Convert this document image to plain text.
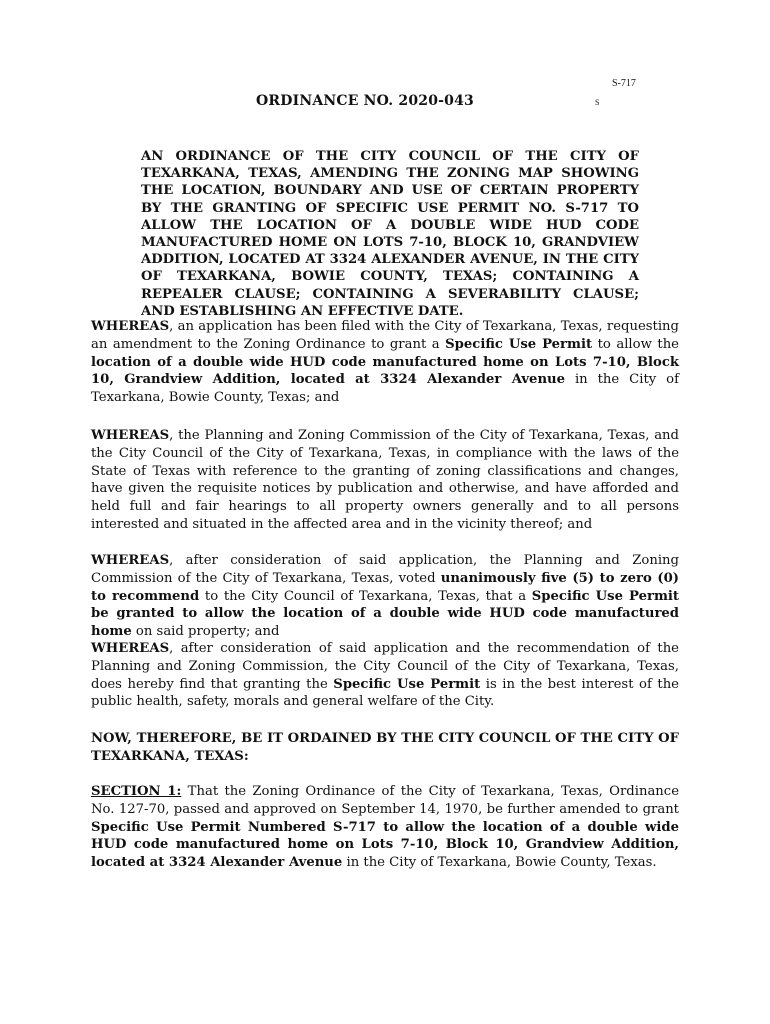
S-717
S
ORDINANCE NO. 2020-043
AN ORDINANCE OF THE CITY COUNCIL OF THE CITY OF TEXARKANA, TEXAS, AMENDING THE ZONING MAP SHOWING THE LOCATION, BOUNDARY AND USE OF CERTAIN PROPERTY BY THE GRANTING OF SPECIFIC USE PERMIT NO. S-717 TO ALLOW THE LOCATION OF A DOUBLE WIDE HUD CODE MANUFACTURED HOME ON LOTS 7-10, BLOCK 10, GRANDVIEW ADDITION, LOCATED AT 3324 ALEXANDER AVENUE, IN THE CITY OF TEXARKANA, BOWIE COUNTY, TEXAS; CONTAINING A REPEALER CLAUSE; CONTAINING A SEVERABILITY CLAUSE; AND ESTABLISHING AN EFFECTIVE DATE.
WHEREAS, an application has been filed with the City of Texarkana, Texas, requesting an amendment to the Zoning Ordinance to grant a Specific Use Permit to allow the location of a double wide HUD code manufactured home on Lots 7-10, Block 10, Grandview Addition, located at 3324 Alexander Avenue in the City of Texarkana, Bowie County, Texas; and
WHEREAS, the Planning and Zoning Commission of the City of Texarkana, Texas, and the City Council of the City of Texarkana, Texas, in compliance with the laws of the State of Texas with reference to the granting of zoning classifications and changes, have given the requisite notices by publication and otherwise, and have afforded and held full and fair hearings to all property owners generally and to all persons interested and situated in the affected area and in the vicinity thereof; and
WHEREAS, after consideration of said application, the Planning and Zoning Commission of the City of Texarkana, Texas, voted unanimously five (5) to zero (0) to recommend to the City Council of Texarkana, Texas, that a Specific Use Permit be granted to allow the location of a double wide HUD code manufactured home on said property; and
WHEREAS, after consideration of said application and the recommendation of the Planning and Zoning Commission, the City Council of the City of Texarkana, Texas, does hereby find that granting the Specific Use Permit is in the best interest of the public health, safety, morals and general welfare of the City.
NOW, THEREFORE, BE IT ORDAINED BY THE CITY COUNCIL OF THE CITY OF TEXARKANA, TEXAS:
SECTION 1: That the Zoning Ordinance of the City of Texarkana, Texas, Ordinance No. 127-70, passed and approved on September 14, 1970, be further amended to grant Specific Use Permit Numbered S-717 to allow the location of a double wide HUD code manufactured home on Lots 7-10, Block 10, Grandview Addition, located at 3324 Alexander Avenue in the City of Texarkana, Bowie County, Texas.
